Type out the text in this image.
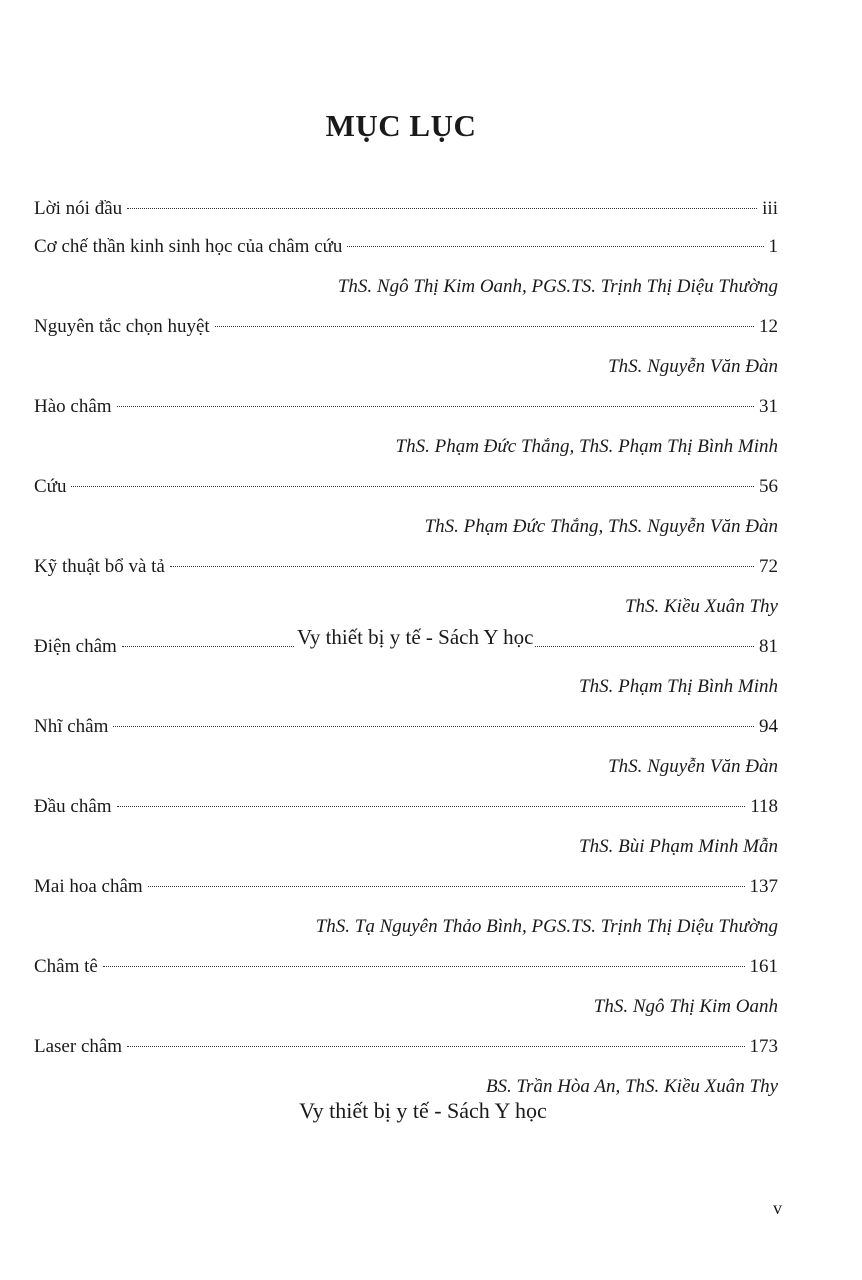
MỤC LỤC
Lời nói đầu	iii
Cơ chế thần kinh sinh học của châm cứu	1
ThS. Ngô Thị Kim Oanh, PGS.TS. Trịnh Thị Diệu Thường
Nguyên tắc chọn huyệt	12
ThS. Nguyễn Văn Đàn
Hào châm	31
ThS. Phạm Đức Thắng, ThS. Phạm Thị Bình Minh
Cứu	56
ThS. Phạm Đức Thắng, ThS. Nguyễn Văn Đàn
Kỹ thuật bổ và tả	72
ThS. Kiều Xuân Thy
Điện châm	81
ThS. Phạm Thị Bình Minh
Nhĩ châm	94
ThS. Nguyễn Văn Đàn
Đầu châm	118
ThS. Bùi Phạm Minh Mẫn
Mai hoa châm	137
ThS. Tạ Nguyên Thảo Bình, PGS.TS. Trịnh Thị Diệu Thường
Châm tê	161
ThS. Ngô Thị Kim Oanh
Laser châm	173
BS. Trần Hòa An, ThS. Kiều Xuân Thy
Vy thiết bị y tế - Sách Y học
Vy thiết bị y tế - Sách Y học
v
